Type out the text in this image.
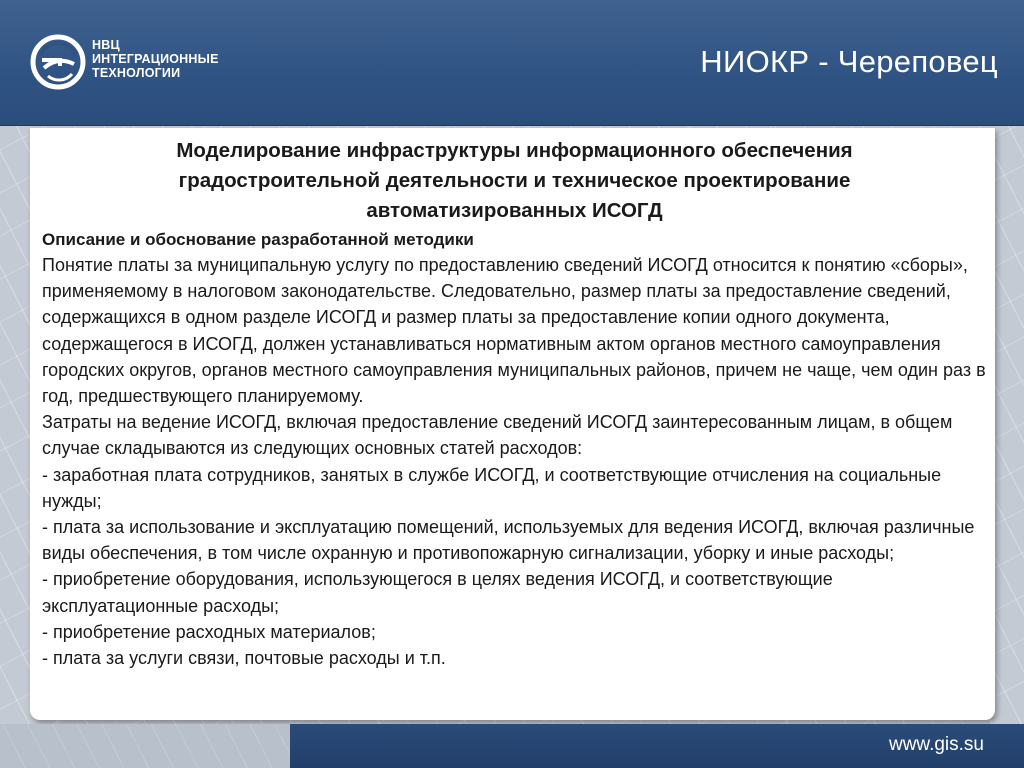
НВЦ
ИНТЕГРАЦИОННЫЕ
ТЕХНОЛОГИИ	НИОКР - Череповец
Моделирование инфраструктуры информационного обеспечения
градостроительной деятельности и техническое проектирование
автоматизированных ИСОГД
Описание и обоснование разработанной методики

Понятие платы за муниципальную услугу по предоставлению сведений ИСОГД относится к понятию «сборы», применяемому в налоговом законодательстве. Следовательно, размер платы за предоставление сведений, содержащихся в одном разделе ИСОГД и размер платы за предоставление копии одного документа, содержащегося в ИСОГД, должен устанавливаться нормативным актом органов местного самоуправления городских округов, органов местного самоуправления муниципальных районов, причем не чаще, чем один раз в год, предшествующего планируемому.

Затраты на ведение ИСОГД, включая предоставление сведений ИСОГД заинтересованным лицам, в общем случае складываются из следующих основных статей расходов:

- заработная плата сотрудников, занятых в службе ИСОГД, и соответствующие отчисления на социальные нужды;

- плата за использование и эксплуатацию помещений, используемых для ведения ИСОГД, включая различные виды обеспечения, в том числе охранную и противопожарную сигнализации, уборку и иные расходы;

- приобретение оборудования, использующегося в целях ведения ИСОГД, и соответствующие эксплуатационные расходы;

- приобретение расходных материалов;

- плата за услуги связи, почтовые расходы и т.п.

www.gis.su
